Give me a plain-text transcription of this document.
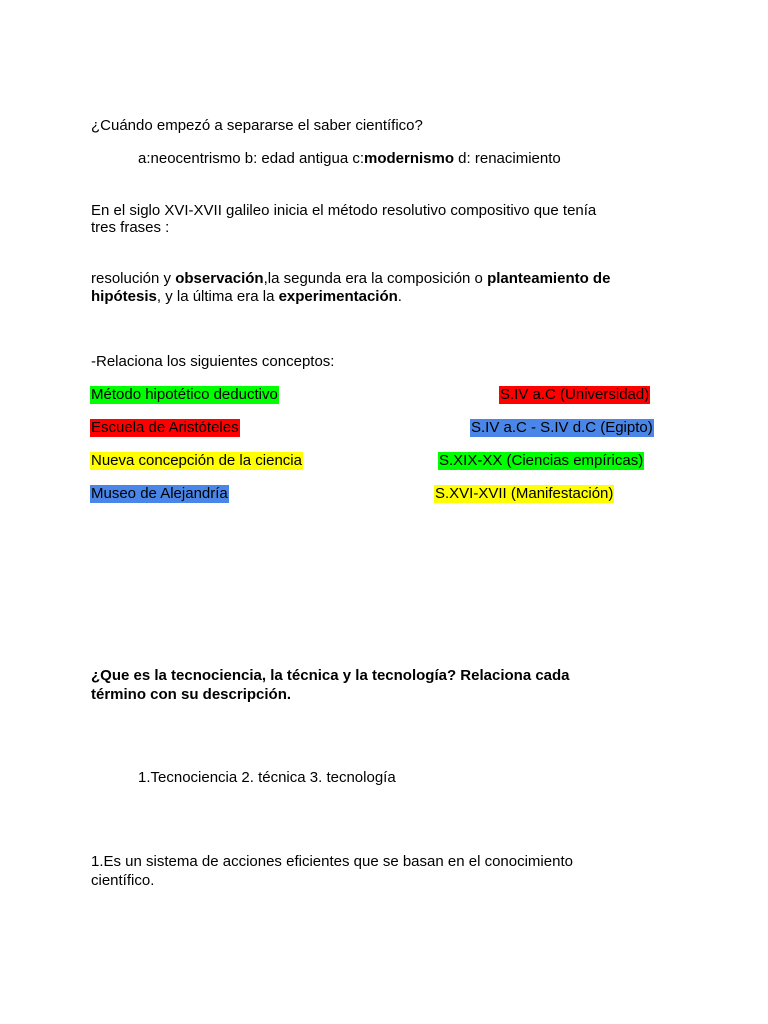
¿Cuándo empezó a separarse el saber científico?
a:neocentrismo b: edad antigua c:modernismo d: renacimiento
En el siglo XVI-XVII galileo inicia el método resolutivo compositivo que tenía
tres frases :
resolución y observación,la segunda era la composición o planteamiento de
hipótesis, y la última era la experimentación.
-Relaciona los siguientes conceptos:
Método hipotético deductivo
Escuela de Aristóteles
Nueva concepción de la ciencia
Museo de Alejandría
S.IV a.C (Universidad)
S.IV a.C - S.IV d.C (Egipto)
S.XIX-XX (Ciencias empíricas)
S.XVI-XVII (Manifestación)
¿Que es la tecnociencia, la técnica y la tecnología? Relaciona cada
término con su descripción.
1.Tecnociencia 2. técnica 3. tecnología
1.Es un sistema de acciones eficientes que se basan en el conocimiento
científico.
